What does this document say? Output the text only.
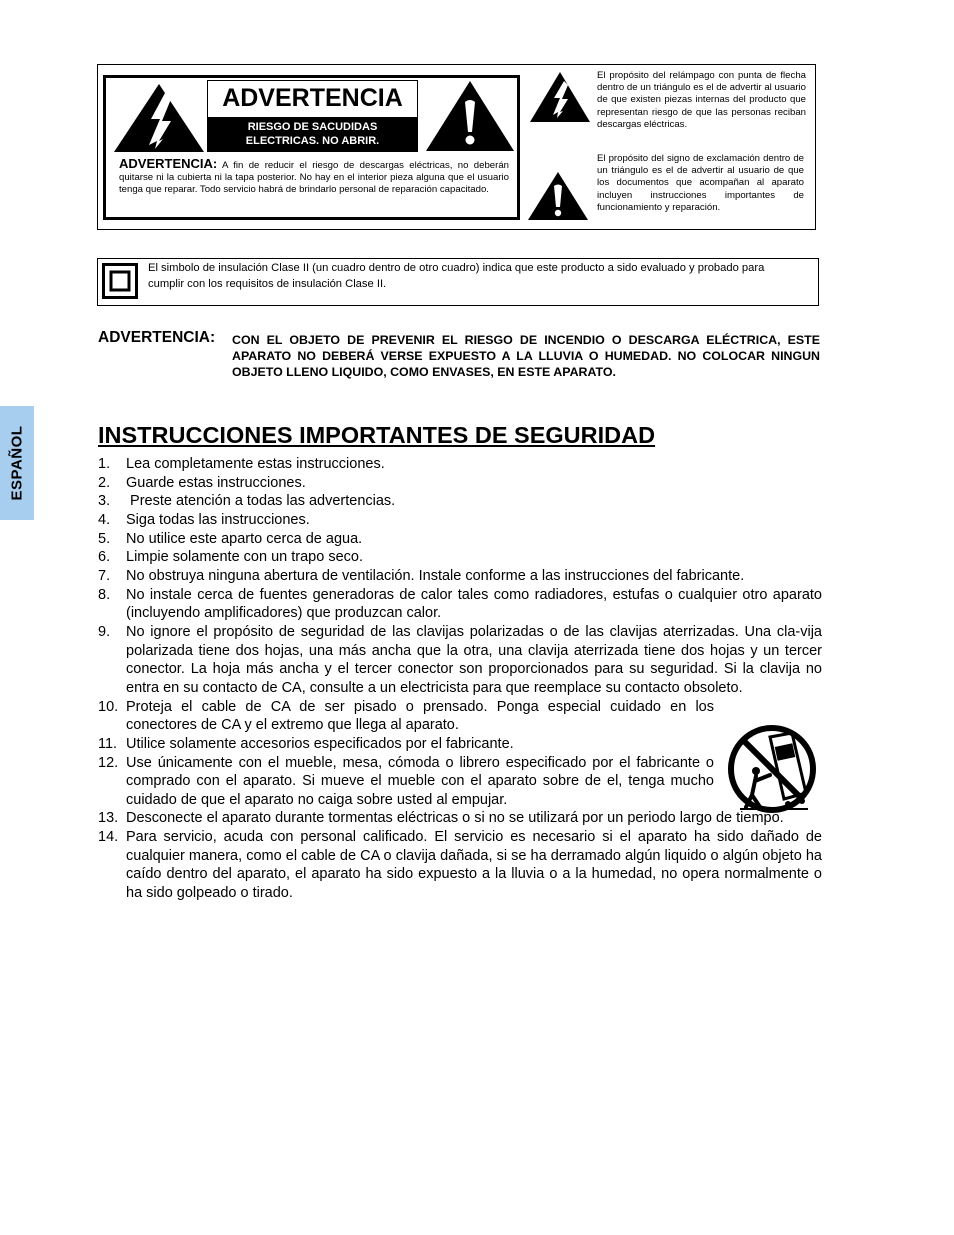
ADVERTENCIA
RIESGO DE SACUDIDAS
ELECTRICAS. NO ABRIR.
ADVERTENCIA: A fin de reducir el riesgo de descargas eléctricas, no deberán quitarse ni la cubierta ni la tapa posterior. No hay en el interior pieza alguna que el usuario tenga que reparar. Todo servicio habrá de brindarlo personal de reparación capacitado.
El propósito del relámpago con punta de flecha dentro de un triángulo es el de advertir al usuario de que existen piezas internas del producto que representan riesgo de que las personas reciban descargas eléctricas.
El propósito del signo de exclamación dentro de un triángulo es el de advertir al usuario de que los documentos que acompañan al aparato incluyen instrucciones importantes de funcionamiento y reparación.
El simbolo de insulación Clase II (un cuadro dentro de otro cuadro) indica que este producto a sido evaluado y probado para cumplir con los requisitos de insulación Clase II.
ADVERTENCIA: CON EL OBJETO DE PREVENIR EL RIESGO DE INCENDIO O DESCARGA ELÉCTRICA, ESTE APARATO NO DEBERÁ VERSE EXPUESTO A LA LLUVIA O HUMEDAD. NO COLOCAR NINGUN OBJETO LLENO LIQUIDO, COMO ENVASES, EN ESTE APARATO.
ESPAÑOL	INSTRUCCIONES IMPORTANTES DE SEGURIDAD
1. Lea completamente estas instrucciones.
2. Guarde estas instrucciones.
3. Preste atención a todas las advertencias.
4. Siga todas las instrucciones.
5. No utilice este aparto cerca de agua.
6. Limpie solamente con un trapo seco.
7. No obstruya ninguna abertura de ventilación. Instale conforme a las instrucciones del fabricante.
8. No instale cerca de fuentes generadoras de calor tales como radiadores, estufas o cualquier otro aparato (incluyendo amplificadores) que produzcan calor.
9. No ignore el propósito de seguridad de las clavijas polarizadas o de las clavijas aterrizadas. Una cla-vija polarizada tiene dos hojas, una más ancha que la otra, una clavija aterrizada tiene dos hojas y un tercer conector. La hoja más ancha y el tercer conector son proporcionados para su seguridad. Si la clavija no entra en su contacto de CA, consulte a un electricista para que reemplace su contacto obsoleto.
10. Proteja el cable de CA de ser pisado o prensado. Ponga especial cuidado en los conectores de CA y el extremo que llega al aparato.
11. Utilice solamente accesorios especificados por el fabricante.
12. Use únicamente con el mueble, mesa, cómoda o librero especificado por el fabricante o comprado con el aparato. Si mueve el mueble con el aparato sobre de el, tenga mucho cuidado de que el aparato no caiga sobre usted al empujar.
13. Desconecte el aparato durante tormentas eléctricas o si no se utilizará por un periodo largo de tiempo.
14. Para servicio, acuda con personal calificado. El servicio es necesario si el aparato ha sido dañado de cualquier manera, como el cable de CA o clavija dañada, si se ha derramado algún liquido o algún objeto ha caído dentro del aparato, el aparato ha sido expuesto a la lluvia o a la humedad, no opera normalmente o ha sido golpeado o tirado.
